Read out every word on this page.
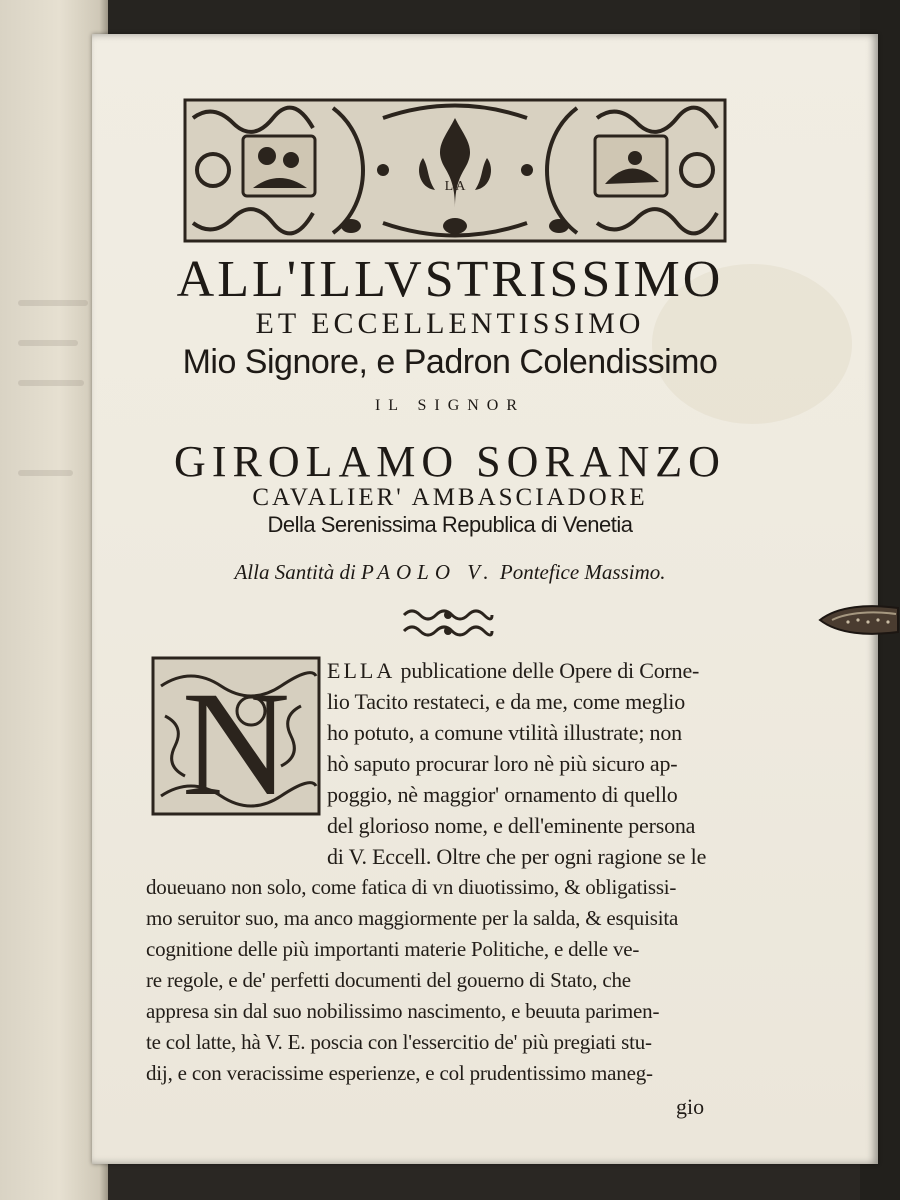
L A
ALL'ILLVSTRISSIMO
ET ECCELLENTISSIMO
Mio Signore, e Padron Colendissimo
IL SIGNOR
GIROLAMO SORANZO
CAVALIER' AMBASCIADORE
Della Serenissima Republica di Venetia
Alla Santità di PAOLO V. Pontefice Massimo.
N ELLA publicatione delle Opere di Corne-
lio Tacito restateci, e da me, come meglio
ho potuto, a comune vtilità illustrate; non
hò saputo procurar loro nè più sicuro ap-
poggio, nè maggior' ornamento di quello
del glorioso nome, e dell'eminente persona
di V. Eccell. Oltre che per ogni ragione se le
doueuano non solo, come fatica di vn diuotissimo, & obligatissi-
mo seruitor suo, ma anco maggiormente per la salda, & esquisita
cognitione delle più importanti materie Politiche, e delle ve-
re regole, e de' perfetti documenti del gouerno di Stato, che
appresa sin dal suo nobilissimo nascimento, e beuuta parimen-
te col latte, hà V. E. poscia con l'essercitio de' più pregiati stu-
dij, e con veracissime esperienze, e col prudentissimo maneg-
gio
